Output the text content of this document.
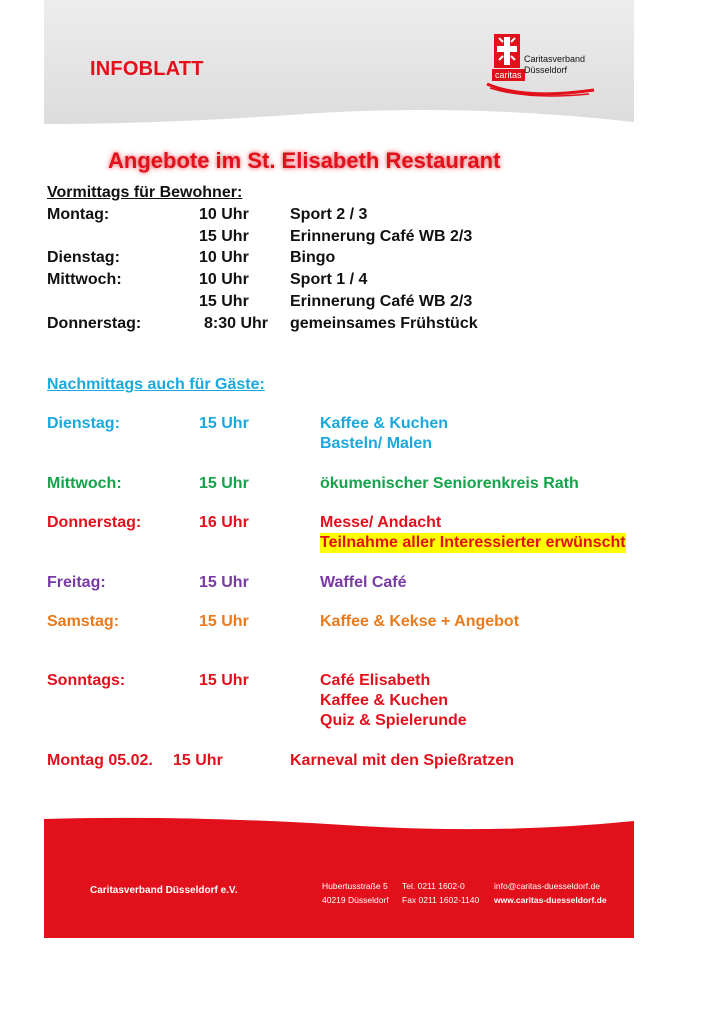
INFOBLATT	caritas
Caritasverband
Düsseldorf
Angebote im St. Elisabeth Restaurant
Vormittags für Bewohner:
Montag:	10 Uhr	Sport 2 / 3
15 Uhr	Erinnerung Café WB 2/3
Dienstag:	10 Uhr	Bingo
Mittwoch:	10 Uhr	Sport 1 / 4
15 Uhr	Erinnerung Café WB 2/3
Donnerstag:	8:30 Uhr gemeinsames Frühstück
Nachmittags auch für Gäste:
Dienstag:	15 Uhr	Kaffee & Kuchen
Basteln/ Malen
Mittwoch:	15 Uhr	ökumenischer Seniorenkreis Rath
Donnerstag:	16 Uhr	Messe/ Andacht
Teilnahme aller Interessierter erwünscht
Freitag:	15 Uhr	Waffel Café
Samstag:	15 Uhr	Kaffee & Kekse + Angebot
Sonntags:	15 Uhr	Café Elisabeth
Kaffee & Kuchen
Quiz & Spielerunde
Montag 05.02. 15 Uhr	Karneval mit den Spießratzen
Caritasverband Düsseldorf e.V.	Hubertusstraße 5
40219 Düsseldorf
Tel. 0211 1602-0
Fax 0211 1602-1140
info@caritas-duesseldorf.de
www.caritas-duesseldorf.de
